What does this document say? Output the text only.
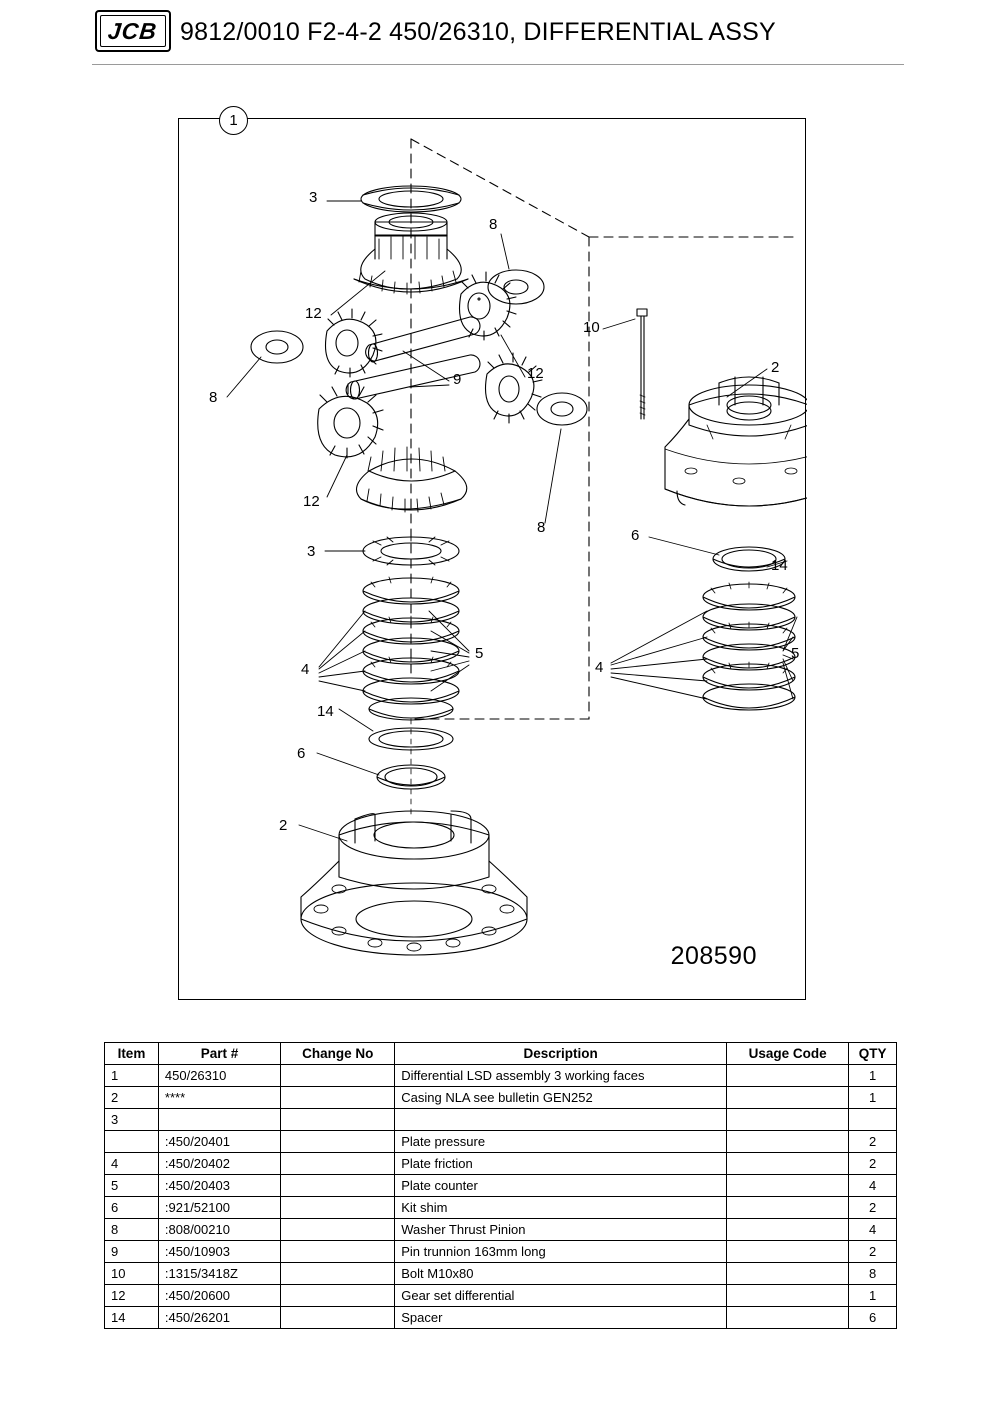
JCB 9812/0010 F2-4-2 450/26310, DIFFERENTIAL ASSY
1
3
8
12
12
9
10
2
8
12
8
3
6
14
5
4	4
5
14
6
2
208590
Item	Part #	Change No	Description	Usage Code	QTY
1	450/26310		Differential LSD assembly 3 working faces		1
2	****		Casing NLA see bulletin GEN252		1
3					
	:450/20401		Plate pressure		2
4	:450/20402		Plate friction		2
5	:450/20403		Plate counter		4
6	:921/52100		Kit shim		2
8	:808/00210		Washer Thrust Pinion		4
9	:450/10903		Pin trunnion 163mm long		2
10	:1315/3418Z		Bolt M10x80		8
12	:450/20600		Gear set differential		1
14	:450/26201		Spacer		6
